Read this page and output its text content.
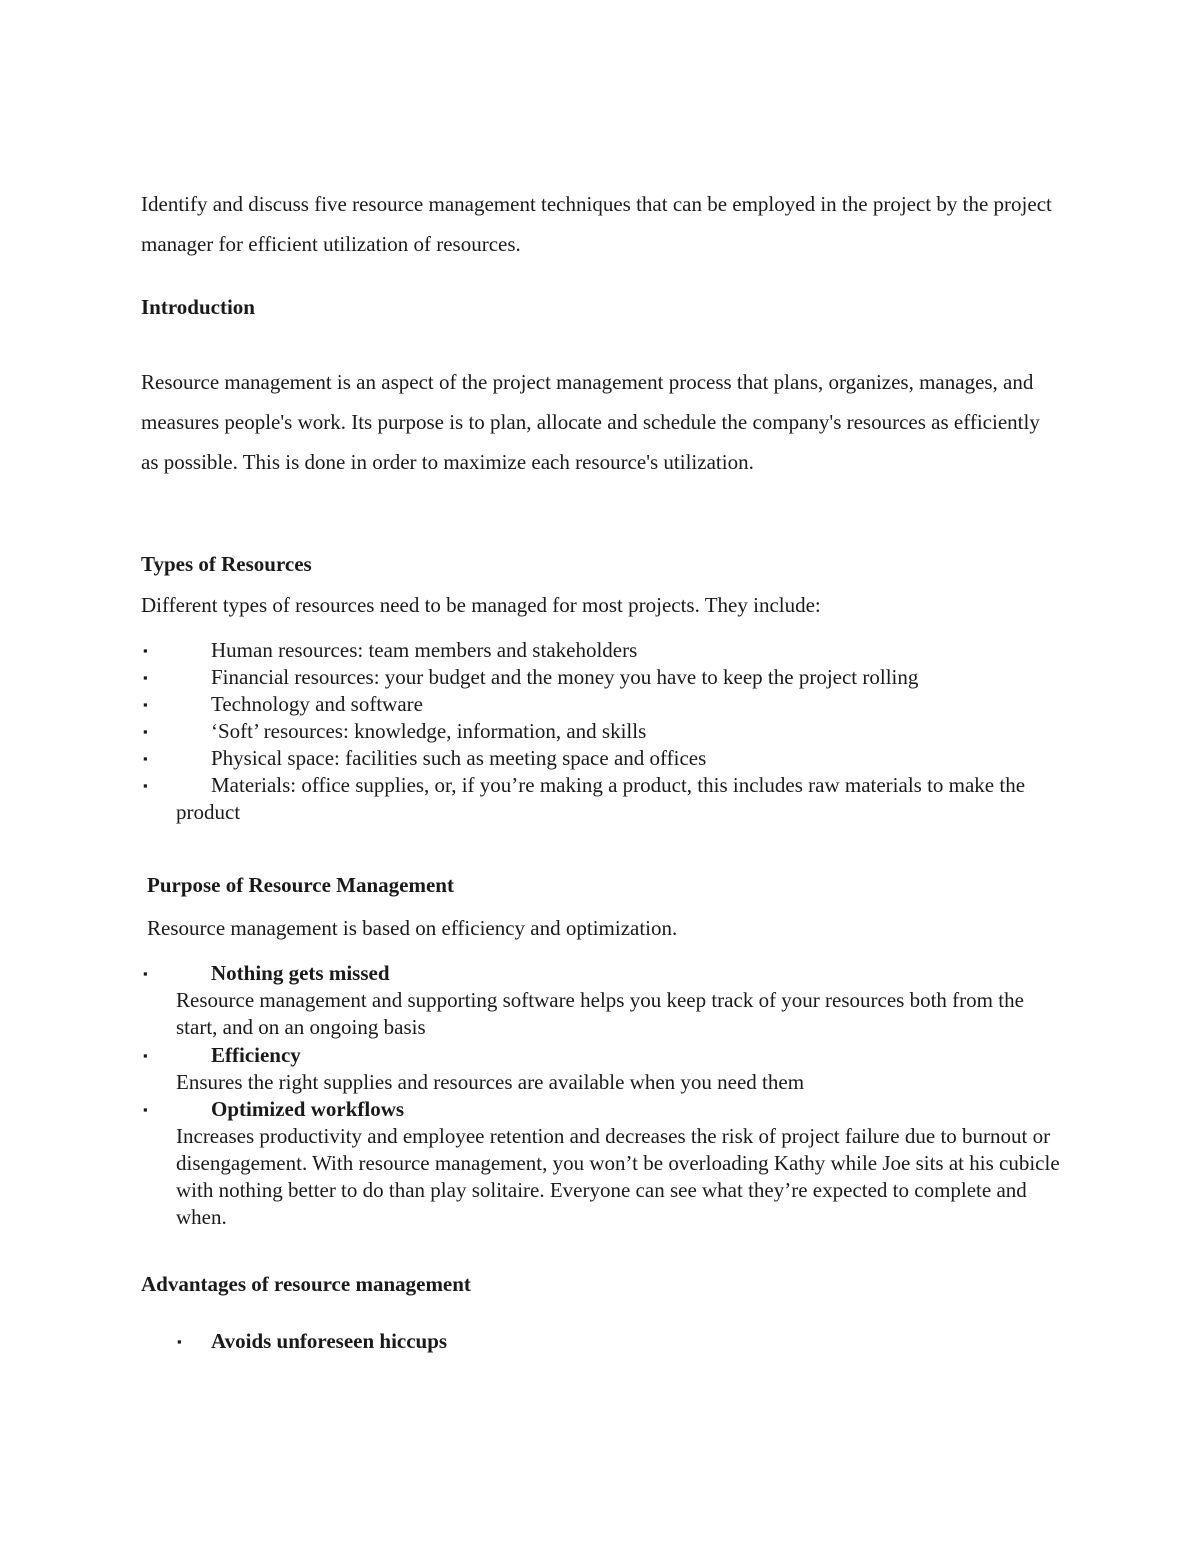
Identify and discuss five resource management techniques that can be employed in the project by the project manager for efficient utilization of resources.

Introduction

Resource management is an aspect of the project management process that plans, organizes, manages, and measures people's work. Its purpose is to plan, allocate and schedule the company's resources as efficiently as possible. This is done in order to maximize each resource's utilization.

Types of Resources

Different types of resources need to be managed for most projects. They include:

▪	Human resources: team members and stakeholders
▪	Financial resources: your budget and the money you have to keep the project rolling
▪	Technology and software
▪	‘Soft’ resources: knowledge, information, and skills
▪	Physical space: facilities such as meeting space and offices
▪	Materials: office supplies, or, if you’re making a product, this includes raw materials to make the product

Purpose of Resource Management

Resource management is based on efficiency and optimization.

▪	Nothing gets missed
Resource management and supporting software helps you keep track of your resources both from the start, and on an ongoing basis
▪	Efficiency
Ensures the right supplies and resources are available when you need them
▪	Optimized workflows
Increases productivity and employee retention and decreases the risk of project failure due to burnout or disengagement. With resource management, you won’t be overloading Kathy while Joe sits at his cubicle with nothing better to do than play solitaire. Everyone can see what they’re expected to complete and when.

Advantages of resource management

▪ Avoids unforeseen hiccups
